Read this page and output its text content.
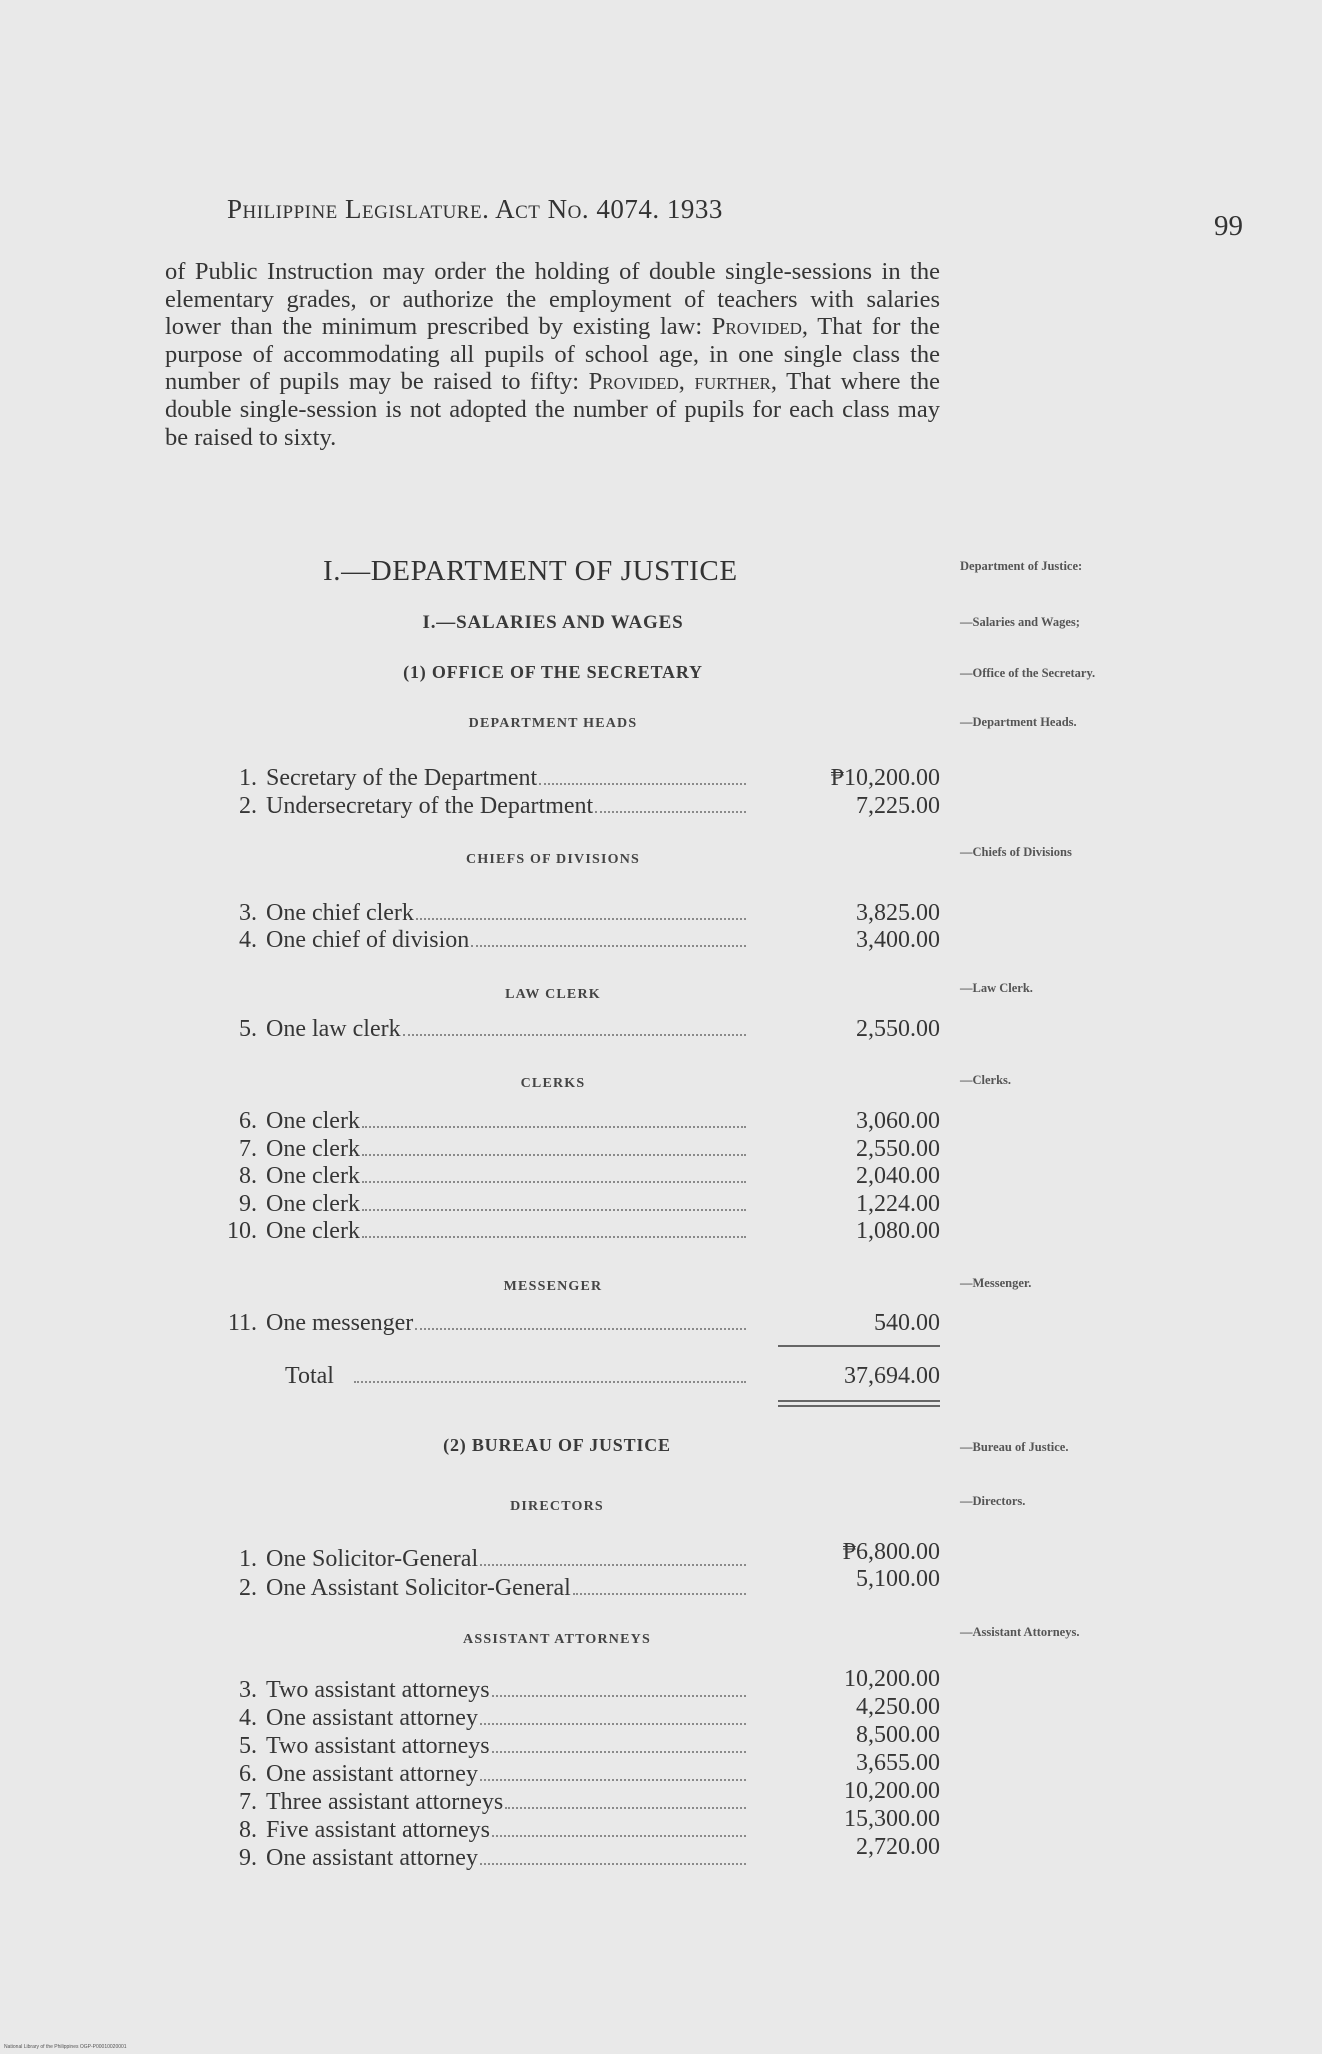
Philippine Legislature. Act No. 4074. 1933
99
of Public Instruction may order the holding of double single-sessions in the elementary grades, or authorize the employment of teachers with salaries lower than the minimum prescribed by existing law: Provided, That for the purpose of accommodating all pupils of school age, in one single class the number of pupils may be raised to fifty: Provided, further, That where the double single-session is not adopted the number of pupils for each class may be raised to sixty.
I.—DEPARTMENT OF JUSTICE	Department of Justice:
I.—SALARIES AND WAGES	—Salaries and Wages;
(1) OFFICE OF THE SECRETARY	—Office of the Secretary.
DEPARTMENT HEADS	—Department Heads.
1. Secretary of the Department	₱10,200.00
2. Undersecretary of the Department	7,225.00
CHIEFS OF DIVISIONS	—Chiefs of Divisions
3. One chief clerk	3,825.00
4. One chief of division	3,400.00
LAW CLERK	—Law Clerk.
5. One law clerk	2,550.00
CLERKS	—Clerks.
6. One clerk	3,060.00
7. One clerk	2,550.00
8. One clerk	2,040.00
9. One clerk	1,224.00
10. One clerk	1,080.00
MESSENGER	—Messenger.
11. One messenger	540.00
Total	37,694.00
(2) BUREAU OF JUSTICE	—Bureau of Justice.
DIRECTORS	—Directors.
1. One Solicitor-General	₱6,800.00
2. One Assistant Solicitor-General	5,100.00
ASSISTANT ATTORNEYS	—Assistant Attorneys.
3. Two assistant attorneys	10,200.00
4. One assistant attorney	4,250.00
5. Two assistant attorneys	8,500.00
6. One assistant attorney	3,655.00
7. Three assistant attorneys	10,200.00
8. Five assistant attorneys	15,300.00
9. One assistant attorney	2,720.00
National Library of the Philippines OGP-P00010020001
